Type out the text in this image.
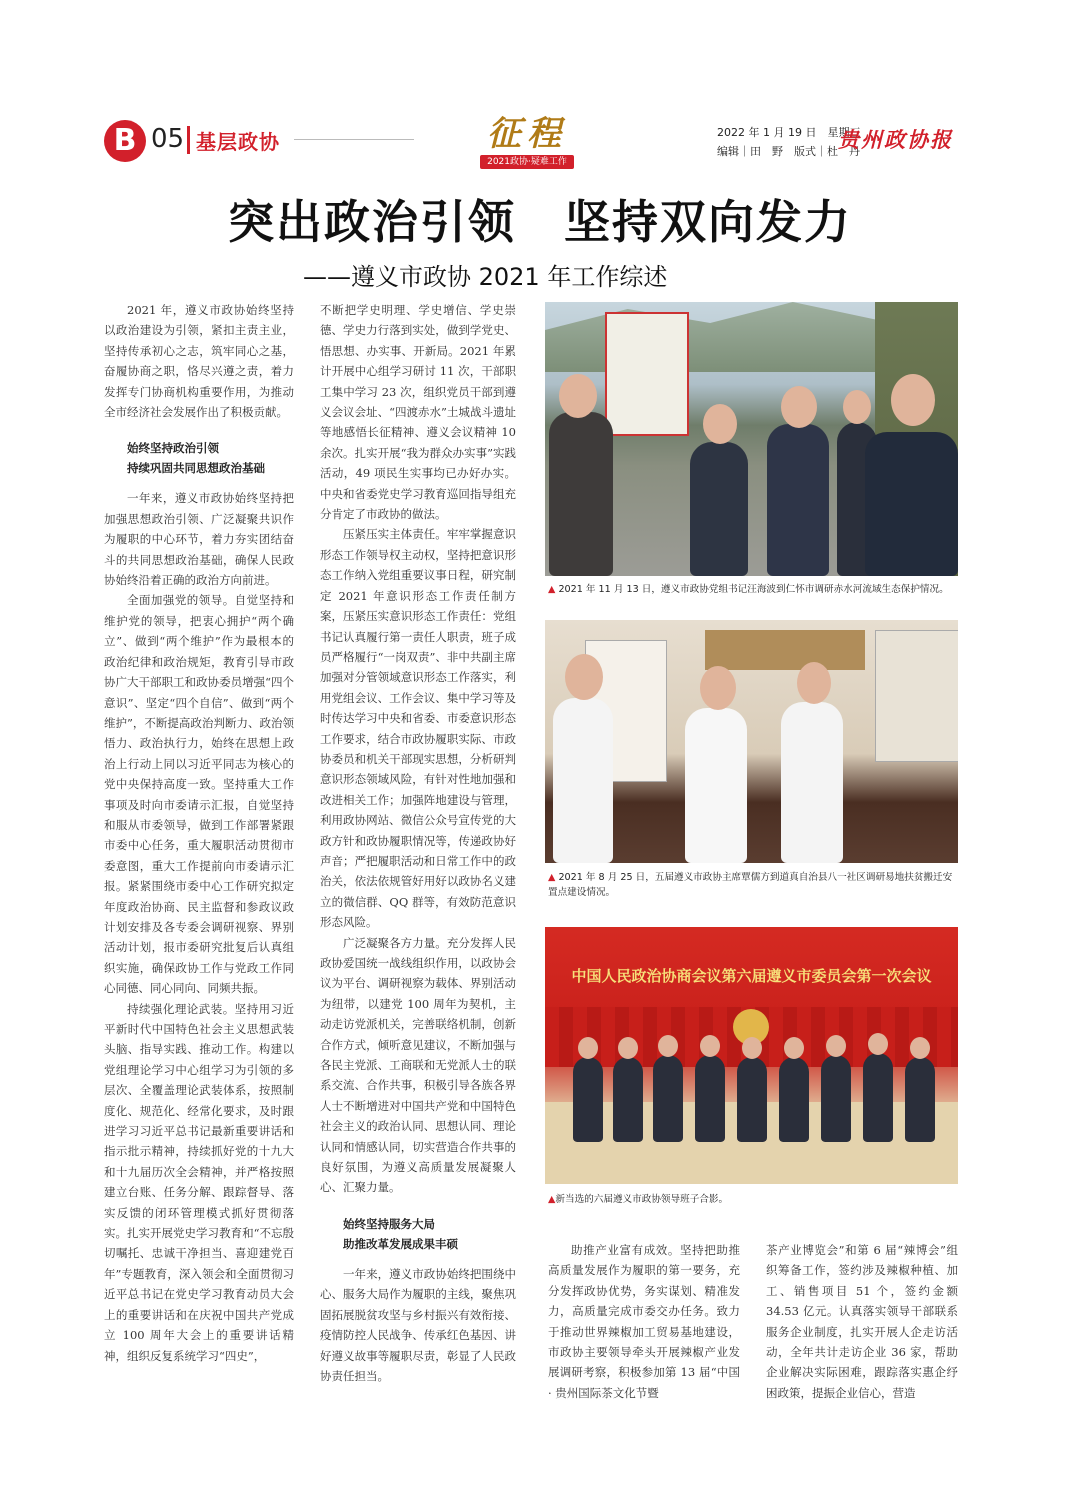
B 05 基层政协	征程
2021政协·疑难工作
2022 年 1 月 19 日　星期三
编辑｜田　野　版式｜杜　丹
贵州政协报
突出政治引领　坚持双向发力
——遵义市政协 2021 年工作综述

2021 年，遵义市政协始终坚持以政治建设为引领，紧扣主责主业，坚持传承初心之志，筑牢同心之基，奋履协商之职，恪尽兴遵之责，着力发挥专门协商机构重要作用，为推动全市经济社会发展作出了积极贡献。

始终坚持政治引领
持续巩固共同思想政治基础

一年来，遵义市政协始终坚持把加强思想政治引领、广泛凝聚共识作为履职的中心环节，着力夯实团结奋斗的共同思想政治基础，确保人民政协始终沿着正确的政治方向前进。

全面加强党的领导。自觉坚持和维护党的领导，把衷心拥护“两个确立”、做到“两个维护”作为最根本的政治纪律和政治规矩，教育引导市政协广大干部职工和政协委员增强“四个意识”、坚定“四个自信”、做到“两个维护”，不断提高政治判断力、政治领悟力、政治执行力，始终在思想上政治上行动上同以习近平同志为核心的党中央保持高度一致。坚持重大工作事项及时向市委请示汇报，自觉坚持和服从市委领导，做到工作部署紧跟市委中心任务，重大履职活动贯彻市委意图，重大工作提前向市委请示汇报。紧紧围绕市委中心工作研究拟定年度政治协商、民主监督和参政议政计划安排及各专委会调研视察、界别活动计划，报市委研究批复后认真组织实施，确保政协工作与党政工作同心同德、同心同向、同频共振。

持续强化理论武装。坚持用习近平新时代中国特色社会主义思想武装头脑、指导实践、推动工作。构建以党组理论学习中心组学习为引领的多层次、全覆盖理论武装体系，按照制度化、规范化、经常化要求，及时跟进学习习近平总书记最新重要讲话和指示批示精神，持续抓好党的十九大和十九届历次全会精神，并严格按照建立台账、任务分解、跟踪督导、落实反馈的闭环管理模式抓好贯彻落实。扎实开展党史学习教育和“不忘殷切嘱托、忠诚干净担当、喜迎建党百年”专题教育，深入领会和全面贯彻习近平总书记在党史学习教育动员大会上的重要讲话和在庆祝中国共产党成立 100 周年大会上的重要讲话精神，组织反复系统学习“四史”，

不断把学史明理、学史增信、学史崇德、学史力行落到实处，做到学党史、悟思想、办实事、开新局。2021 年累计开展中心组学习研讨 11 次，干部职工集中学习 23 次，组织党员干部到遵义会议会址、“四渡赤水”土城战斗遗址等地感悟长征精神、遵义会议精神 10 余次。扎实开展“我为群众办实事”实践活动，49 项民生实事均已办好办实。中央和省委党史学习教育巡回指导组充分肯定了市政协的做法。

压紧压实主体责任。牢牢掌握意识形态工作领导权主动权，坚持把意识形态工作纳入党组重要议事日程，研究制定 2021 年意识形态工作责任制方案，压紧压实意识形态工作责任：党组书记认真履行第一责任人职责，班子成员严格履行“一岗双责”、非中共副主席加强对分管领域意识形态工作落实，利用党组会议、工作会议、集中学习等及时传达学习中央和省委、市委意识形态工作要求，结合市政协履职实际、市政协委员和机关干部现实思想，分析研判意识形态领域风险，有针对性地加强和改进相关工作；加强阵地建设与管理，利用政协网站、微信公众号宣传党的大政方针和政协履职情况等，传递政协好声音；严把履职活动和日常工作中的政治关，依法依规管好用好以政协名义建立的微信群、QQ 群等，有效防范意识形态风险。

广泛凝聚各方力量。充分发挥人民政协爱国统一战线组织作用，以政协会议为平台、调研视察为载体、界别活动为纽带，以建党 100 周年为契机，主动走访党派机关，完善联络机制，创新合作方式，倾听意见建议，不断加强与各民主党派、工商联和无党派人士的联系交流、合作共事，积极引导各族各界人士不断增进对中国共产党和中国特色社会主义的政治认同、思想认同、理论认同和情感认同，切实营造合作共事的良好氛围，为遵义高质量发展凝聚人心、汇聚力量。

始终坚持服务大局
助推改革发展成果丰硕

一年来，遵义市政协始终把围绕中心、服务大局作为履职的主线，聚焦巩固拓展脱贫攻坚与乡村振兴有效衔接、疫情防控人民战争、传承红色基因、讲好遵义故事等履职尽责，彰显了人民政协责任担当。

▲ 2021 年 11 月 13 日，遵义市政协党组书记汪海波到仁怀市调研赤水河流域生态保护情况。
▲ 2021 年 8 月 25 日，五届遵义市政协主席覃儒方到道真自治县八一社区调研易地扶贫搬迁安置点建设情况。
中国人民政治协商会议第六届遵义市委员会第一次会议
▲新当选的六届遵义市政协领导班子合影。

助推产业富有成效。坚持把助推高质量发展作为履职的第一要务，充分发挥政协优势，务实谋划、精准发力，高质量完成市委交办任务。致力于推动世界辣椒加工贸易基地建设，市政协主要领导牵头开展辣椒产业发展调研考察，积极参加第 13 届“中国 · 贵州国际茶文化节暨

茶产业博览会”和第 6 届“辣博会”组织筹备工作，签约涉及辣椒种植、加工、销售项目 51 个，签约金额 34.53 亿元。认真落实领导干部联系服务企业制度，扎实开展人企走访活动，全年共计走访企业 36 家，帮助企业解决实际困难，跟踪落实惠企纾困政策，提振企业信心，营造
